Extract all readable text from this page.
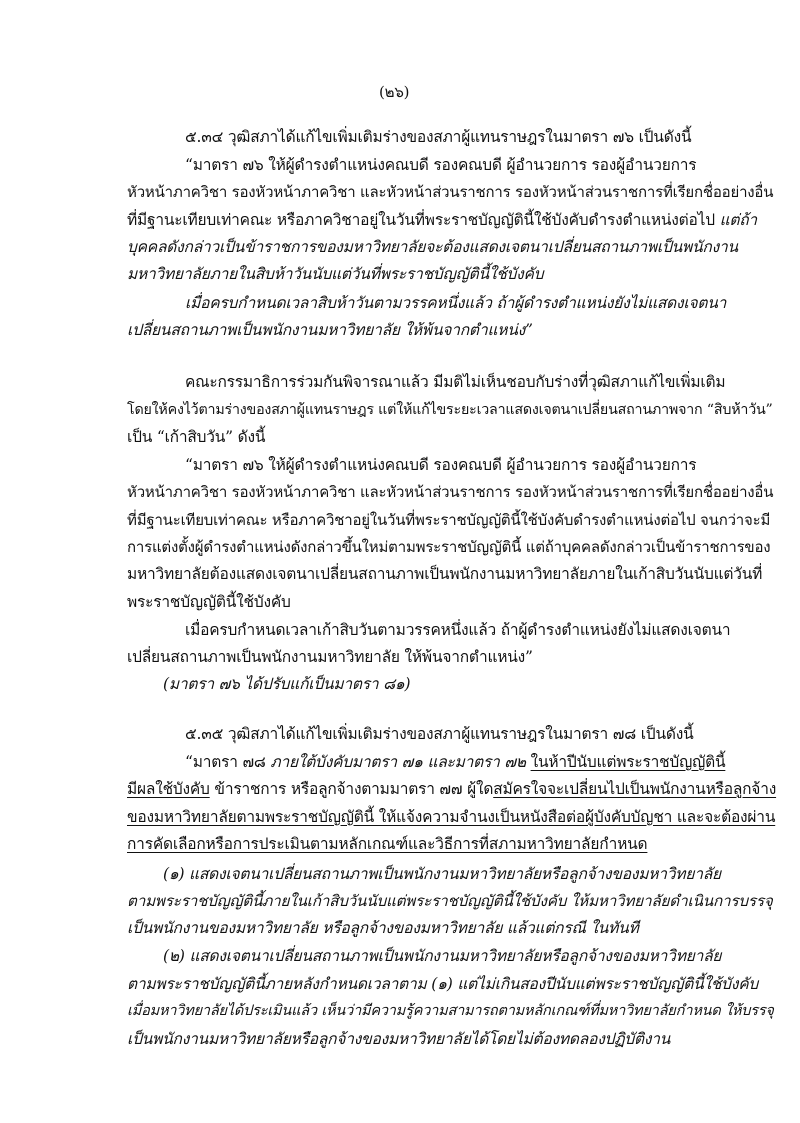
(๒๖)
๕.๓๔ วุฒิสภาได้แก้ไขเพิ่มเติมร่างของสภาผู้แทนราษฎรในมาตรา ๗๖ เป็นดังนี้
“มาตรา ๗๖ ให้ผู้ดำรงตำแหน่งคณบดี รองคณบดี ผู้อำนวยการ รองผู้อำนวยการ
หัวหน้าภาควิชา รองหัวหน้าภาควิชา และหัวหน้าส่วนราชการ รองหัวหน้าส่วนราชการที่เรียกชื่ออย่างอื่น
ที่มีฐานะเทียบเท่าคณะ หรือภาควิชาอยู่ในวันที่พระราชบัญญัตินี้ใช้บังคับดำรงตำแหน่งต่อไป แต่ถ้า
บุคคลดังกล่าวเป็นข้าราชการของมหาวิทยาลัยจะต้องแสดงเจตนาเปลี่ยนสถานภาพเป็นพนักงาน
มหาวิทยาลัยภายในสิบห้าวันนับแต่วันที่พระราชบัญญัตินี้ใช้บังคับ
เมื่อครบกำหนดเวลาสิบห้าวันตามวรรคหนึ่งแล้ว ถ้าผู้ดำรงตำแหน่งยังไม่แสดงเจตนา
เปลี่ยนสถานภาพเป็นพนักงานมหาวิทยาลัย ให้พ้นจากตำแหน่ง”
คณะกรรมาธิการร่วมกันพิจารณาแล้ว มีมติไม่เห็นชอบกับร่างที่วุฒิสภาแก้ไขเพิ่มเติม
โดยให้คงไว้ตามร่างของสภาผู้แทนราษฎร แต่ให้แก้ไขระยะเวลาแสดงเจตนาเปลี่ยนสถานภาพจาก “สิบห้าวัน”
เป็น “เก้าสิบวัน” ดังนี้
“มาตรา ๗๖ ให้ผู้ดำรงตำแหน่งคณบดี รองคณบดี ผู้อำนวยการ รองผู้อำนวยการ
หัวหน้าภาควิชา รองหัวหน้าภาควิชา และหัวหน้าส่วนราชการ รองหัวหน้าส่วนราชการที่เรียกชื่ออย่างอื่น
ที่มีฐานะเทียบเท่าคณะ หรือภาควิชาอยู่ในวันที่พระราชบัญญัตินี้ใช้บังคับดำรงตำแหน่งต่อไป จนกว่าจะมี
การแต่งตั้งผู้ดำรงตำแหน่งดังกล่าวขึ้นใหม่ตามพระราชบัญญัตินี้ แต่ถ้าบุคคลดังกล่าวเป็นข้าราชการของ
มหาวิทยาลัยต้องแสดงเจตนาเปลี่ยนสถานภาพเป็นพนักงานมหาวิทยาลัยภายในเก้าสิบวันนับแต่วันที่
พระราชบัญญัตินี้ใช้บังคับ
เมื่อครบกำหนดเวลาเก้าสิบวันตามวรรคหนึ่งแล้ว ถ้าผู้ดำรงตำแหน่งยังไม่แสดงเจตนา
เปลี่ยนสถานภาพเป็นพนักงานมหาวิทยาลัย ให้พ้นจากตำแหน่ง”
(มาตรา ๗๖ ได้ปรับแก้เป็นมาตรา ๘๑)
๕.๓๕ วุฒิสภาได้แก้ไขเพิ่มเติมร่างของสภาผู้แทนราษฎรในมาตรา ๗๘ เป็นดังนี้
“มาตรา ๗๘ ภายใต้บังคับมาตรา ๗๑ และมาตรา ๗๒ ในห้าปีนับแต่พระราชบัญญัตินี้
มีผลใช้บังคับ ข้าราชการ หรือลูกจ้างตามมาตรา ๗๗ ผู้ใดสมัครใจจะเปลี่ยนไปเป็นพนักงานหรือลูกจ้าง
ของมหาวิทยาลัยตามพระราชบัญญัตินี้ ให้แจ้งความจำนงเป็นหนังสือต่อผู้บังคับบัญชา และจะต้องผ่าน
การคัดเลือกหรือการประเมินตามหลักเกณฑ์และวิธีการที่สภามหาวิทยาลัยกำหนด
(๑) แสดงเจตนาเปลี่ยนสถานภาพเป็นพนักงานมหาวิทยาลัยหรือลูกจ้างของมหาวิทยาลัย
ตามพระราชบัญญัตินี้ภายในเก้าสิบวันนับแต่พระราชบัญญัตินี้ใช้บังคับ ให้มหาวิทยาลัยดำเนินการบรรจุ
เป็นพนักงานของมหาวิทยาลัย หรือลูกจ้างของมหาวิทยาลัย แล้วแต่กรณี ในทันที
(๒) แสดงเจตนาเปลี่ยนสถานภาพเป็นพนักงานมหาวิทยาลัยหรือลูกจ้างของมหาวิทยาลัย
ตามพระราชบัญญัตินี้ภายหลังกำหนดเวลาตาม (๑) แต่ไม่เกินสองปีนับแต่พระราชบัญญัตินี้ใช้บังคับ
เมื่อมหาวิทยาลัยได้ประเมินแล้ว เห็นว่ามีความรู้ความสามารถตามหลักเกณฑ์ที่มหาวิทยาลัยกำหนด ให้บรรจุ
เป็นพนักงานมหาวิทยาลัยหรือลูกจ้างของมหาวิทยาลัยได้โดยไม่ต้องทดลองปฏิบัติงาน
